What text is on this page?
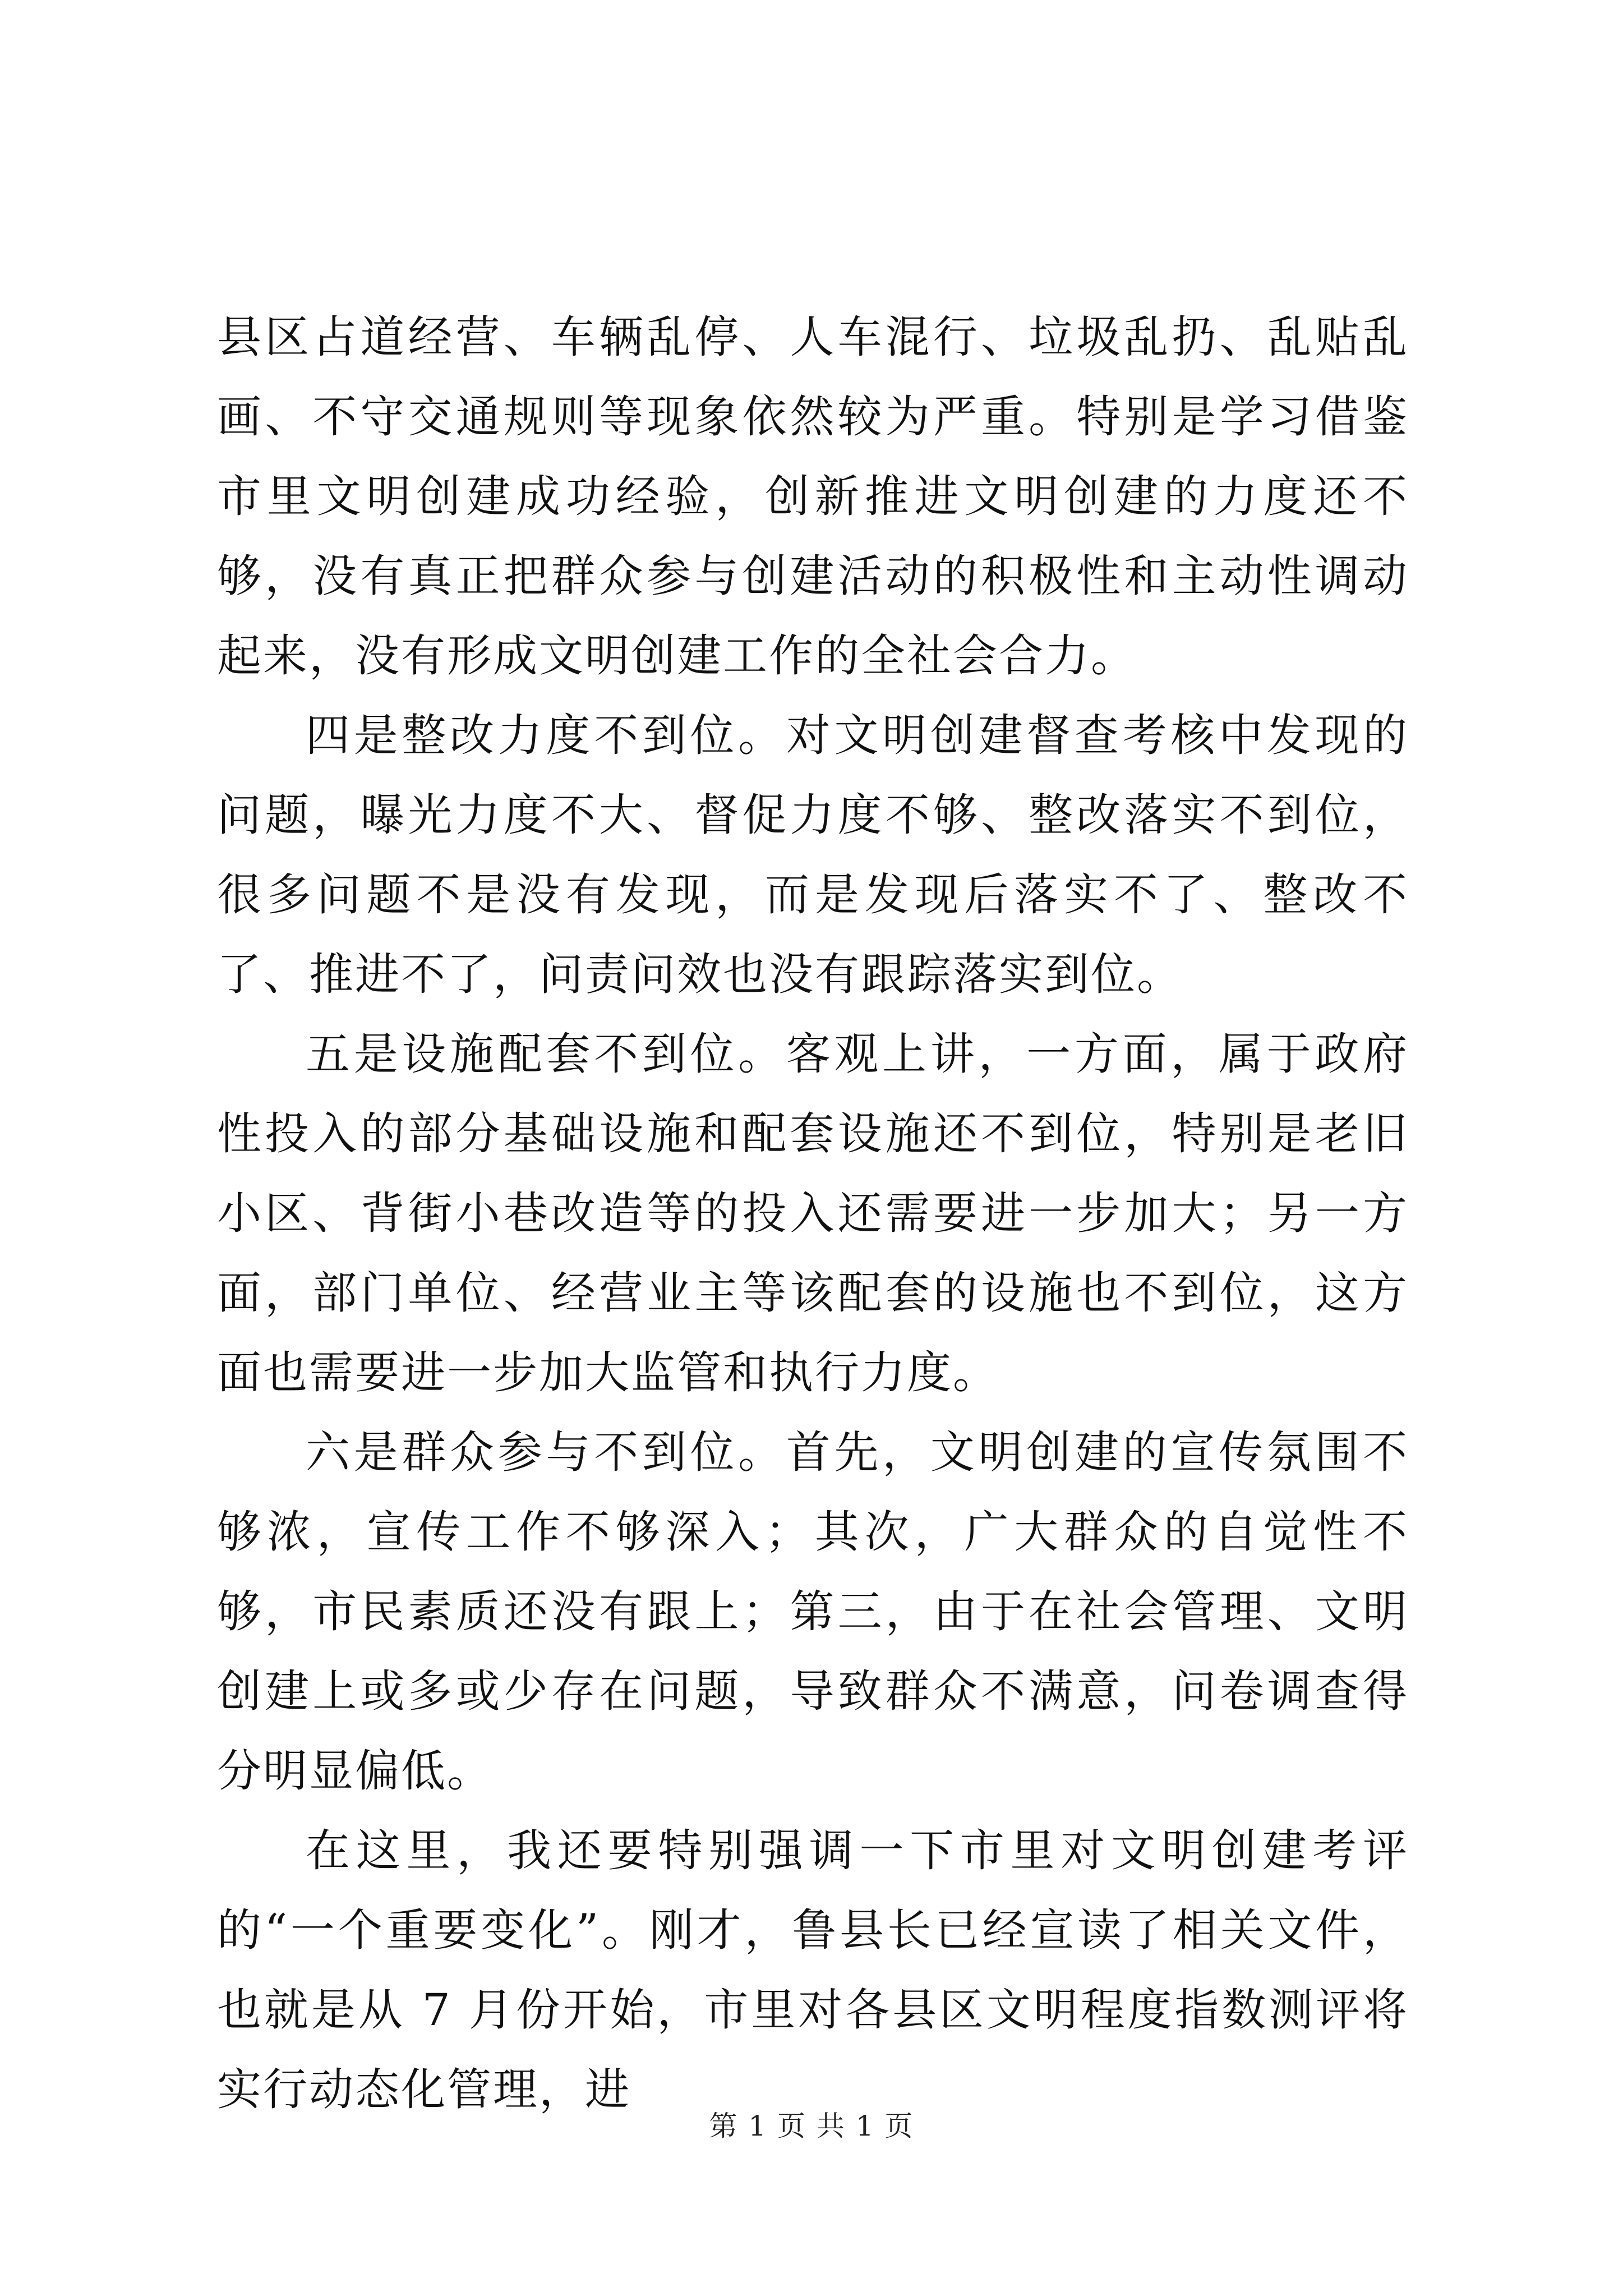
县区占道经营、车辆乱停、人车混行、垃圾乱扔、乱贴乱画、不守交通规则等现象依然较为严重。特别是学习借鉴市里文明创建成功经验，创新推进文明创建的力度还不够，没有真正把群众参与创建活动的积极性和主动性调动起来，没有形成文明创建工作的全社会合力。

四是整改力度不到位。对文明创建督查考核中发现的问题，曝光力度不大、督促力度不够、整改落实不到位，很多问题不是没有发现，而是发现后落实不了、整改不了、推进不了，问责问效也没有跟踪落实到位。

五是设施配套不到位。客观上讲，一方面，属于政府性投入的部分基础设施和配套设施还不到位，特别是老旧小区、背街小巷改造等的投入还需要进一步加大；另一方面，部门单位、经营业主等该配套的设施也不到位，这方面也需要进一步加大监管和执行力度。

六是群众参与不到位。首先，文明创建的宣传氛围不够浓，宣传工作不够深入；其次，广大群众的自觉性不够，市民素质还没有跟上；第三，由于在社会管理、文明创建上或多或少存在问题，导致群众不满意，问卷调查得分明显偏低。

在这里，我还要特别强调一下市里对文明创建考评的“一个重要变化”。刚才，鲁县长已经宣读了相关文件，也就是从 7 月份开始，市里对各县区文明程度指数测评将实行动态化管理，进

第 1 页 共 1 页
